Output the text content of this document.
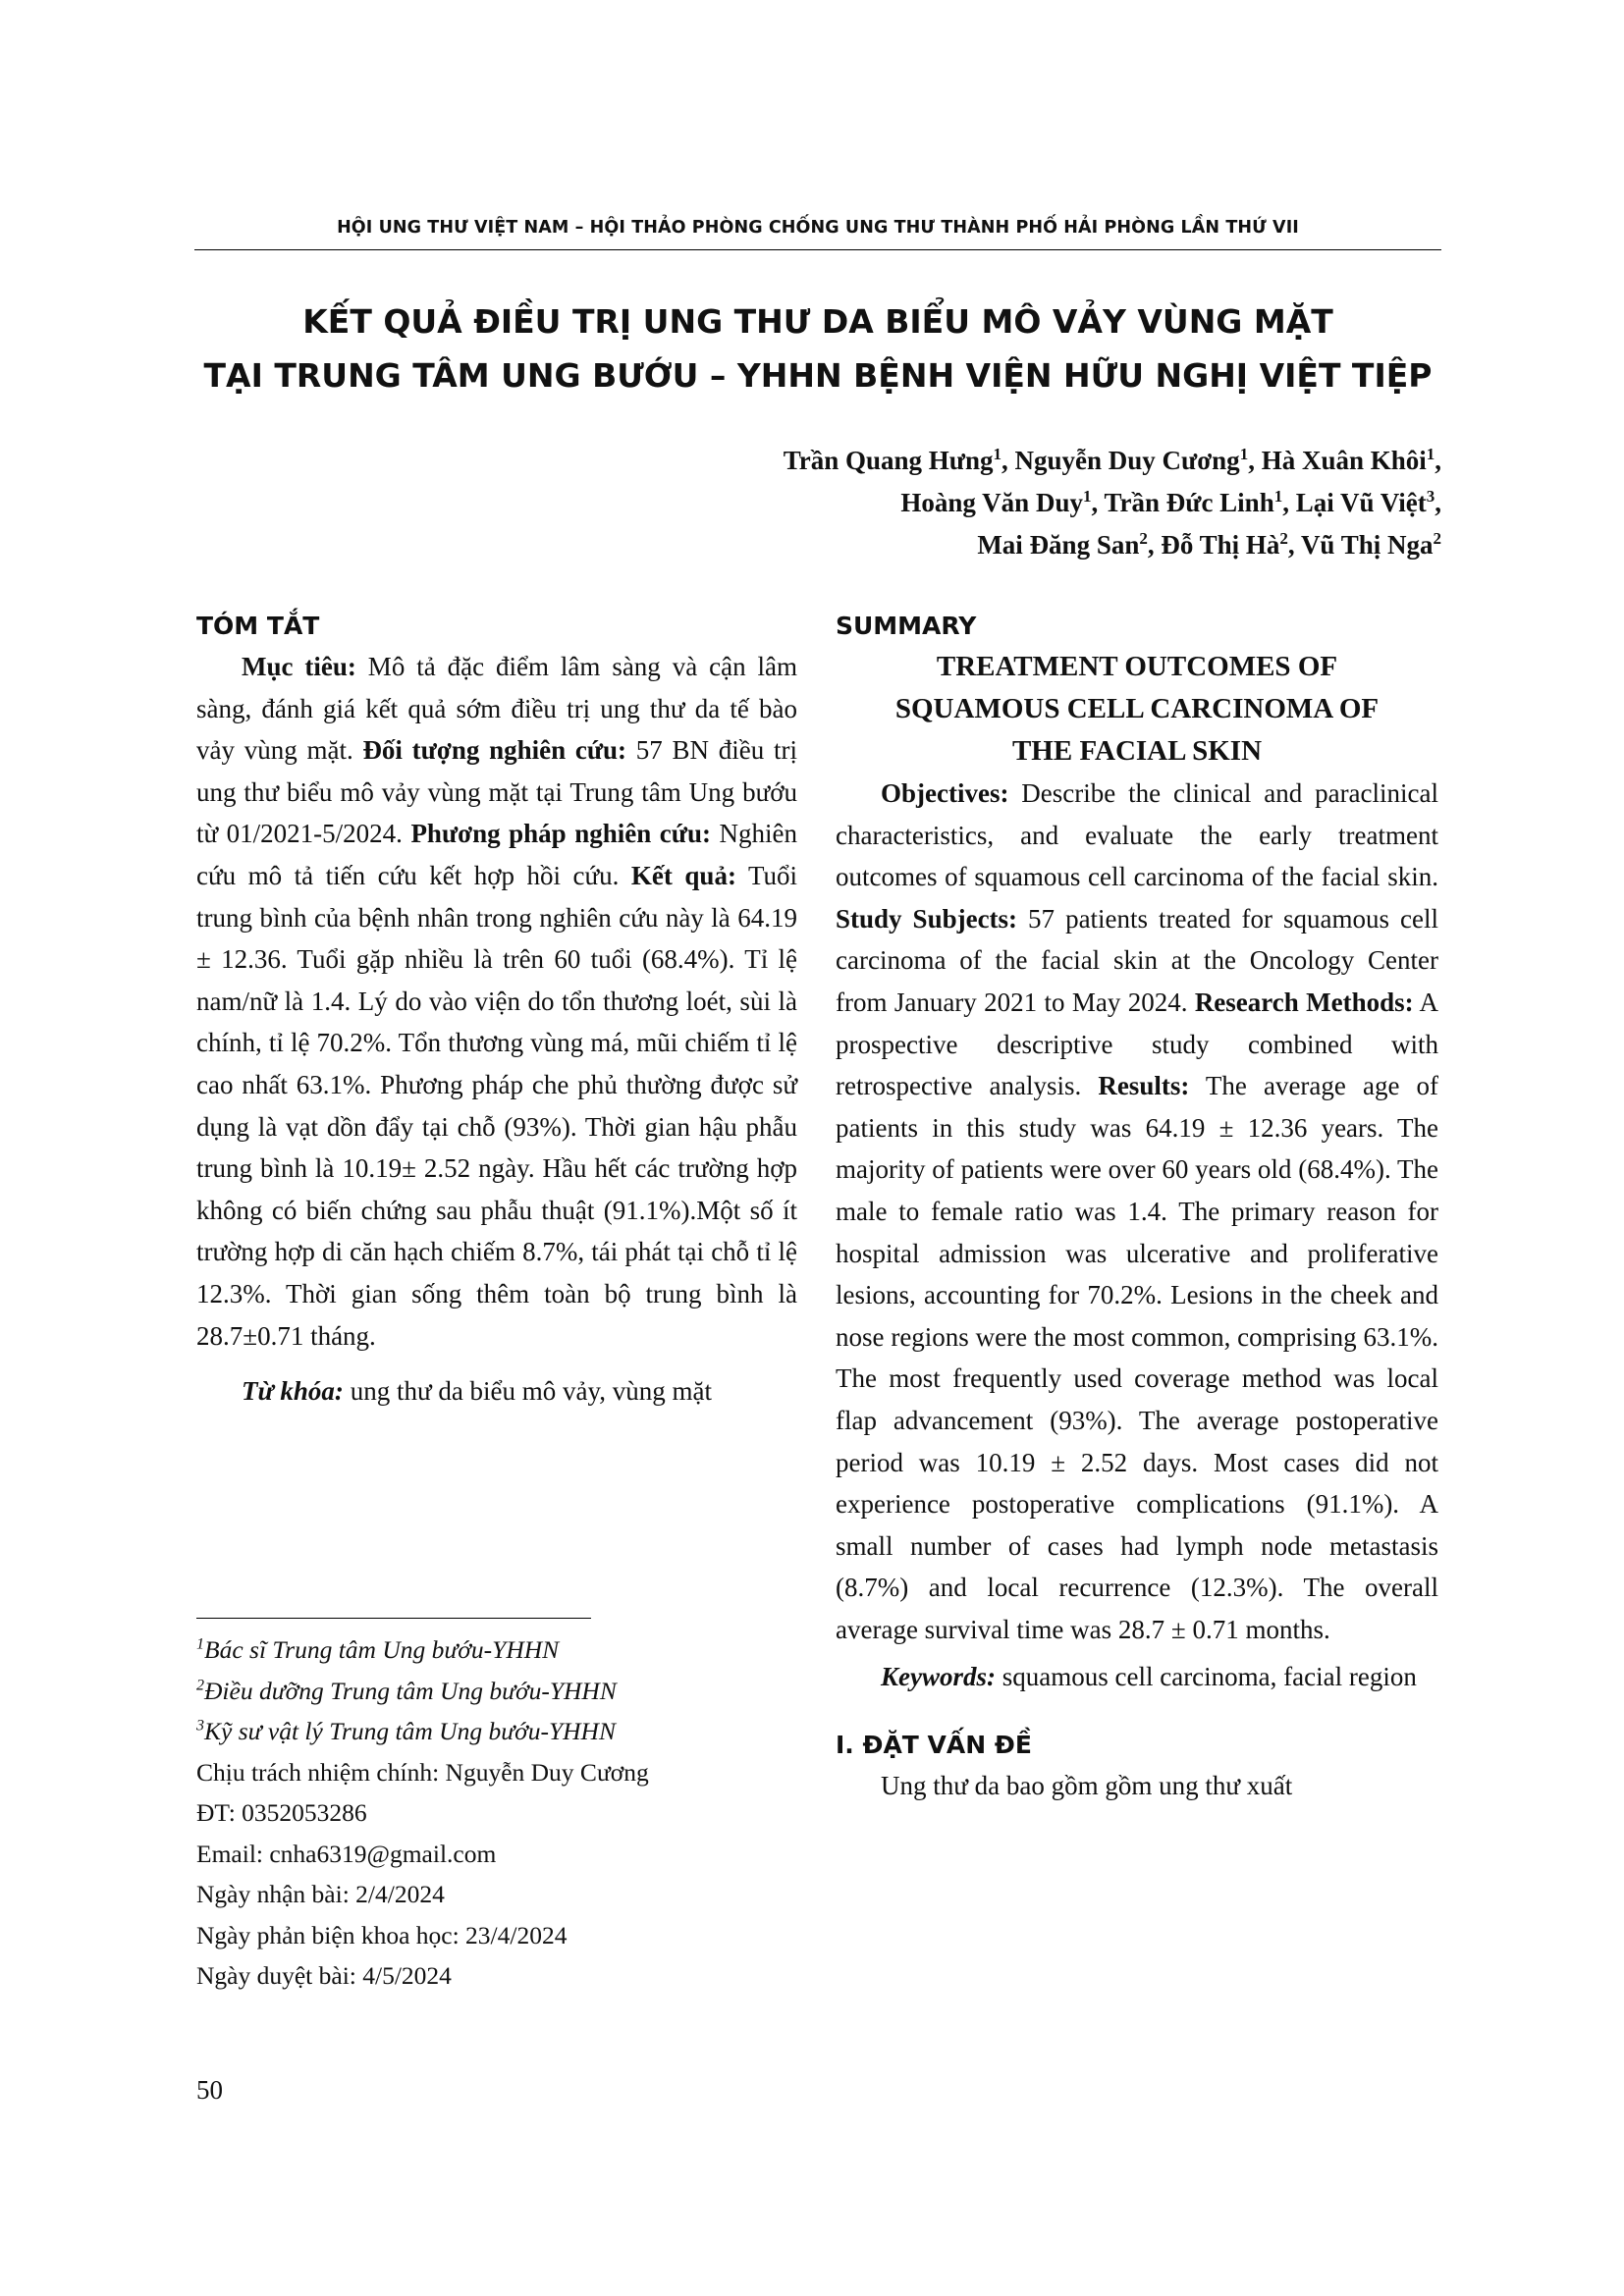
HỘI UNG THƯ VIỆT NAM – HỘI THẢO PHÒNG CHỐNG UNG THƯ THÀNH PHỐ HẢI PHÒNG LẦN THỨ VII
KẾT QUẢ ĐIỀU TRỊ UNG THƯ DA BIỂU MÔ VẢY VÙNG MẶT
TẠI TRUNG TÂM UNG BƯỚU – YHHN BỆNH VIỆN HỮU NGHỊ VIỆT TIỆP
Trần Quang Hưng$^1$, Nguyễn Duy Cương$^1$, Hà Xuân Khôi$^1$,
Hoàng Văn Duy$^1$, Trần Đức Linh$^1$, Lại Vũ Việt$^3$,
Mai Đăng San$^2$, Đỗ Thị $Hà^2$, Vũ Thị Nga$^2$
TÓM TẮT

Mục tiêu: Mô tả đặc điểm lâm sàng và cận lâm sàng, đánh giá kết quả sớm điều trị ung thư da tế bào vảy vùng mặt. Đối tượng nghiên cứu: 57 BN điều trị ung thư biểu mô vảy vùng mặt tại Trung tâm Ung bướu từ 01/2021-5/2024. Phương pháp nghiên cứu: Nghiên cứu mô tả tiến cứu kết hợp hồi cứu. Kết quả: Tuổi trung bình của bệnh nhân trong nghiên cứu này là 64.19 ± 12.36. Tuổi gặp nhiều là trên 60 tuổi (68.4%). Tỉ lệ nam/nữ là 1.4. Lý do vào viện do tổn thương loét, sùi là chính, tỉ lệ 70.2%. Tổn thương vùng má, mũi chiếm tỉ lệ cao nhất 63.1%. Phương pháp che phủ thường được sử dụng là vạt dồn đẩy tại chỗ (93%). Thời gian hậu phẫu trung bình là 10.19± 2.52 ngày. Hầu hết các trường hợp không có biến chứng sau phẫu thuật (91.1%).Một số ít trường hợp di căn hạch chiếm 8.7%, tái phát tại chỗ tỉ lệ 12.3%. Thời gian sống thêm toàn bộ trung bình là 28.7±0.71 tháng.

Từ khóa: ung thư da biểu mô vảy, vùng mặt

SUMMARY
TREATMENT OUTCOMES OF
SQUAMOUS CELL CARCINOMA OF
THE FACIAL SKIN

Objectives: Describe the clinical and paraclinical characteristics, and evaluate the early treatment outcomes of squamous cell carcinoma of the facial skin. Study Subjects: 57 patients treated for squamous cell carcinoma of the facial skin at the Oncology Center from January 2021 to May 2024. Research Methods: A prospective descriptive study combined with retrospective analysis. Results: The average age of patients in this study was 64.19 ± 12.36 years. The majority of patients were over 60 years old (68.4%). The male to female ratio was 1.4. The primary reason for hospital admission was ulcerative and proliferative lesions, accounting for 70.2%. Lesions in the cheek and nose regions were the most common, comprising 63.1%. The most frequently used coverage method was local flap advancement (93%). The average postoperative period was 10.19 ± 2.52 days. Most cases did not experience postoperative complications (91.1%). A small number of cases had lymph node metastasis (8.7%) and local recurrence (12.3%). The overall average survival time was 28.7 ± 0.71 months.

Keywords: squamous cell carcinoma, facial region

I. ĐẶT VẤN ĐỀ

Ung thư da bao gồm gồm ung thư xuất

$^1$Bác sĩ Trung tâm Ung bướu-YHHN
$^2$Điều dưỡng Trung tâm Ung bướu-YHHN
$^3$Kỹ sư vật lý Trung tâm Ung bướu-YHHN
Chịu trách nhiệm chính: Nguyễn Duy Cương
ĐT: 0352053286
Email: cnha6319@gmail.com
Ngày nhận bài: 2/4/2024
Ngày phản biện khoa học: 23/4/2024
Ngày duyệt bài: 4/5/2024
50
